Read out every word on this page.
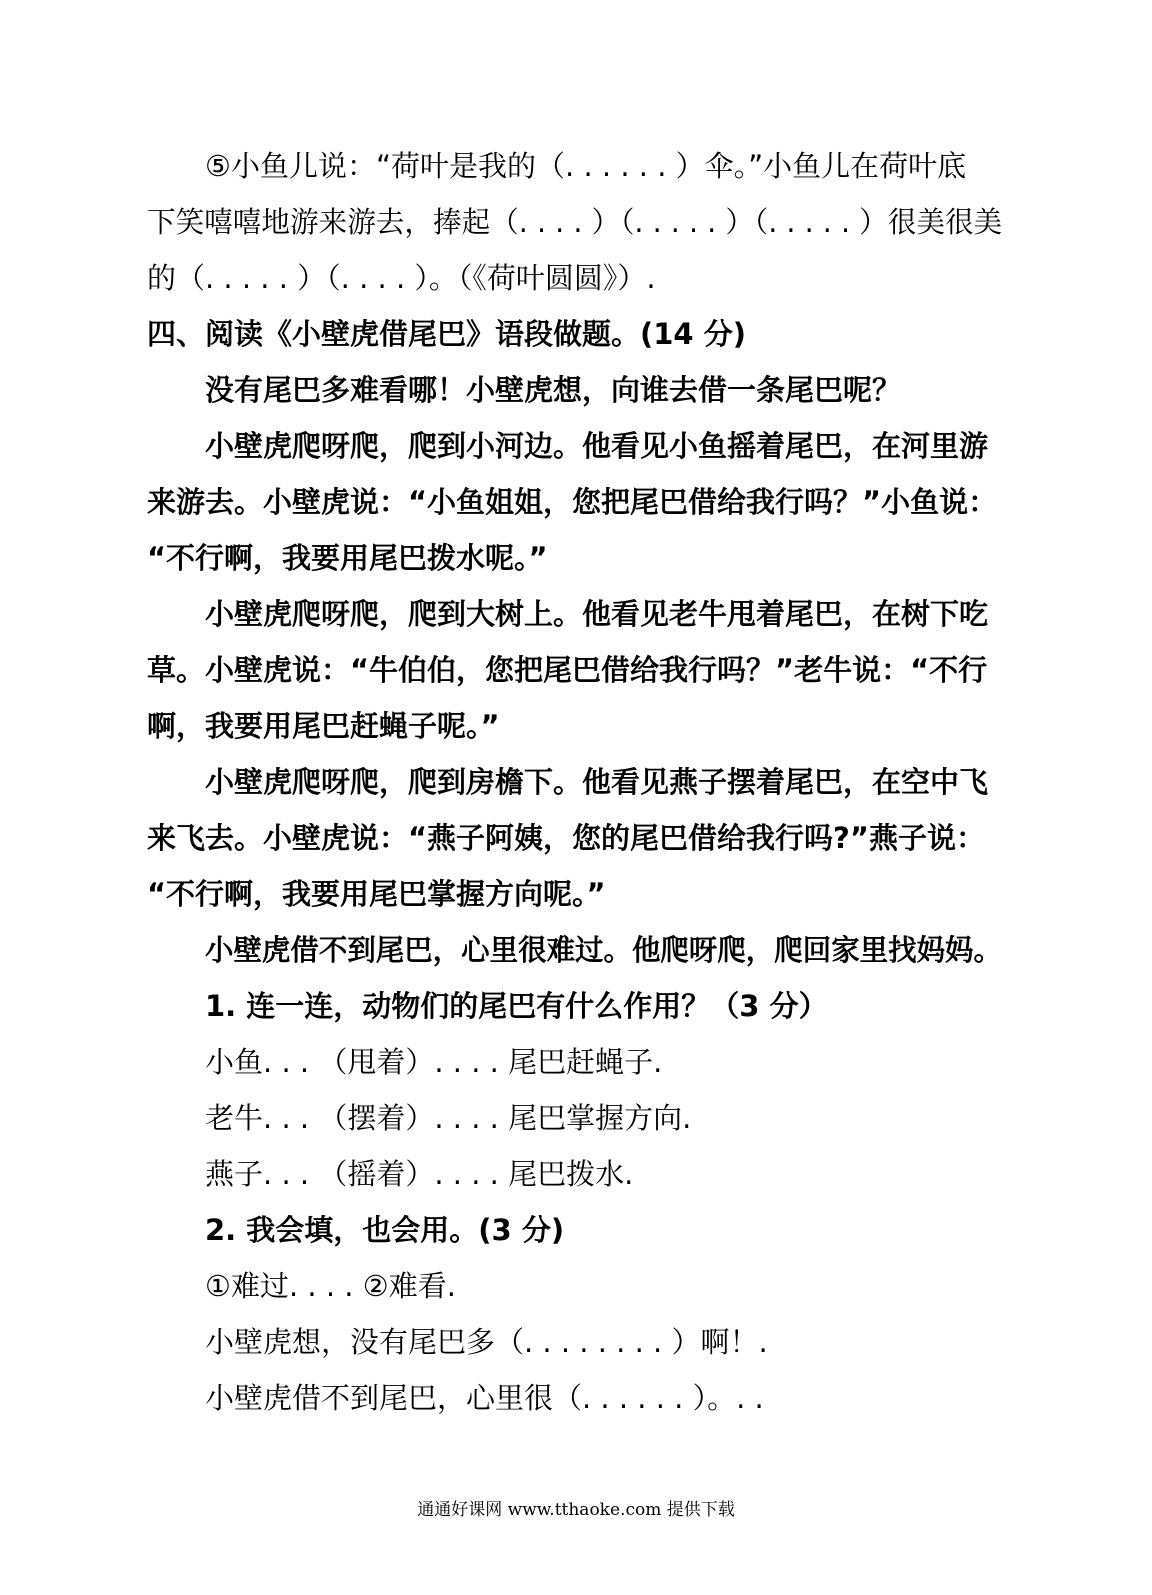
⑤小鱼儿说：“荷叶是我的（. . . . . . ）伞。”小鱼儿在荷叶底
下笑嘻嘻地游来游去，捧起（. . . . ）（. . . . . ）（. . . . . ）很美很美
的（. . . . . ）（. . . . ）。（《荷叶圆圆》）.
四、阅读《小壁虎借尾巴》语段做题。(14 分)
没有尾巴多难看哪！小壁虎想，向谁去借一条尾巴呢？
小壁虎爬呀爬，爬到小河边。他看见小鱼摇着尾巴，在河里游
来游去。小壁虎说：“小鱼姐姐，您把尾巴借给我行吗？”小鱼说：
“不行啊，我要用尾巴拨水呢。”
小壁虎爬呀爬，爬到大树上。他看见老牛甩着尾巴，在树下吃
草。小壁虎说：“牛伯伯，您把尾巴借给我行吗？”老牛说：“不行
啊，我要用尾巴赶蝇子呢。”
小壁虎爬呀爬，爬到房檐下。他看见燕子摆着尾巴，在空中飞
来飞去。小壁虎说：“燕子阿姨，您的尾巴借给我行吗?”燕子说：
“不行啊，我要用尾巴掌握方向呢。”
小壁虎借不到尾巴，心里很难过。他爬呀爬，爬回家里找妈妈。
1. 连一连，动物们的尾巴有什么作用？（3 分）
小鱼. . . （甩着）. . . . 尾巴赶蝇子.
老牛. . . （摆着）. . . . 尾巴掌握方向.
燕子. . . （摇着）. . . . 尾巴拨水.
2. 我会填，也会用。(3 分)
①难过. . . . ②难看.
小壁虎想，没有尾巴多（. . . . . . . . ）啊！.
小壁虎借不到尾巴，心里很（. . . . . . ）。. .
通通好课网 www.tthaoke.com 提供下载
